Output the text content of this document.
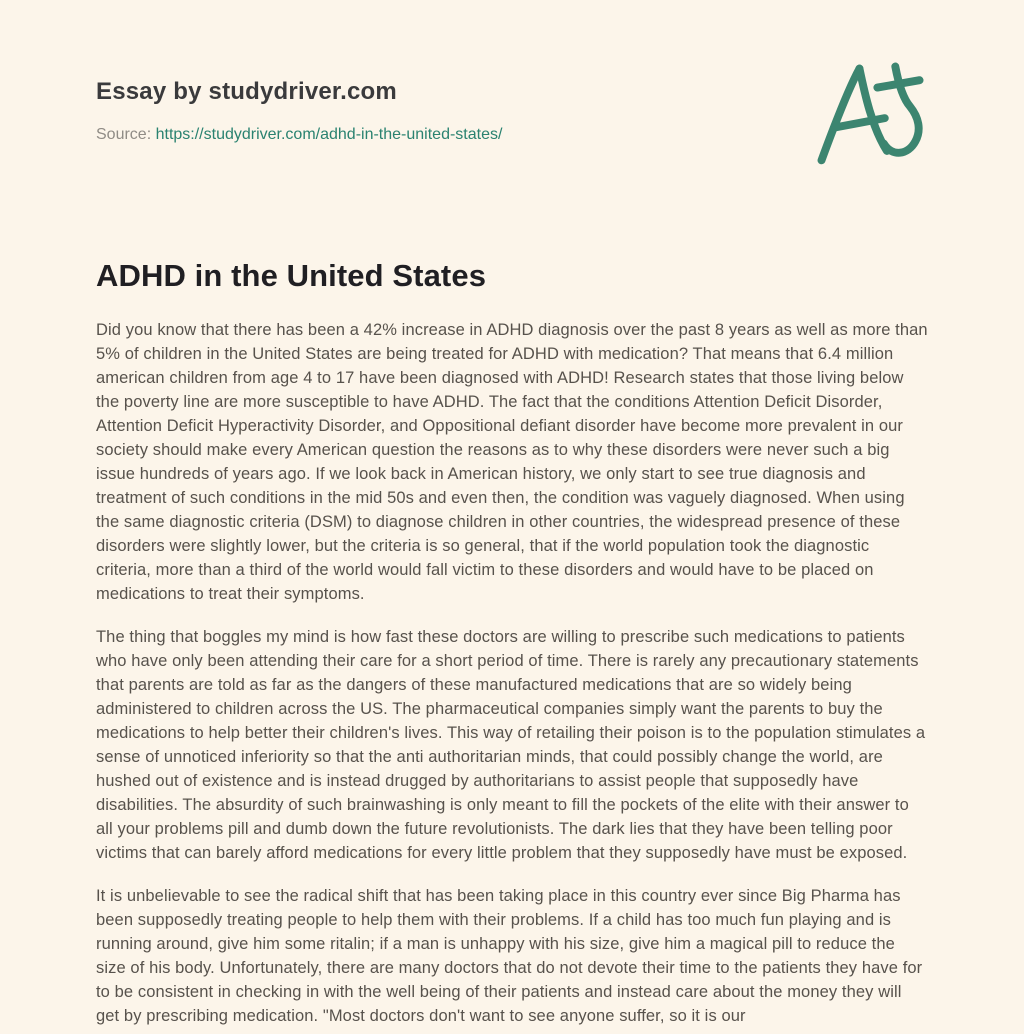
Essay by studydriver.com

Source: https://studydriver.com/adhd-in-the-united-states/

ADHD in the United States

Did you know that there has been a 42% increase in ADHD diagnosis over the past 8 years as well as more than 5% of children in the United States are being treated for ADHD with medication? That means that 6.4 million american children from age 4 to 17 have been diagnosed with ADHD! Research states that those living below the poverty line are more susceptible to have ADHD. The fact that the conditions Attention Deficit Disorder, Attention Deficit Hyperactivity Disorder, and Oppositional defiant disorder have become more prevalent in our society should make every American question the reasons as to why these disorders were never such a big issue hundreds of years ago. If we look back in American history, we only start to see true diagnosis and treatment of such conditions in the mid 50s and even then, the condition was vaguely diagnosed. When using the same diagnostic criteria (DSM) to diagnose children in other countries, the widespread presence of these disorders were slightly lower, but the criteria is so general, that if the world population took the diagnostic criteria, more than a third of the world would fall victim to these disorders and would have to be placed on medications to treat their symptoms.

The thing that boggles my mind is how fast these doctors are willing to prescribe such medications to patients who have only been attending their care for a short period of time. There is rarely any precautionary statements that parents are told as far as the dangers of these manufactured medications that are so widely being administered to children across the US. The pharmaceutical companies simply want the parents to buy the medications to help better their children's lives. This way of retailing their poison is to the population stimulates a sense of unnoticed inferiority so that the anti authoritarian minds, that could possibly change the world, are hushed out of existence and is instead drugged by authoritarians to assist people that supposedly have disabilities. The absurdity of such brainwashing is only meant to fill the pockets of the elite with their answer to all your problems pill and dumb down the future revolutionists. The dark lies that they have been telling poor victims that can barely afford medications for every little problem that they supposedly have must be exposed.

It is unbelievable to see the radical shift that has been taking place in this country ever since Big Pharma has been supposedly treating people to help them with their problems. If a child has too much fun playing and is running around, give him some ritalin; if a man is unhappy with his size, give him a magical pill to reduce the size of his body. Unfortunately, there are many doctors that do not devote their time to the patients they have for to be consistent in checking in with the well being of their patients and instead care about the money they will get by prescribing medication. "Most doctors don't want to see anyone suffer, so it is our
